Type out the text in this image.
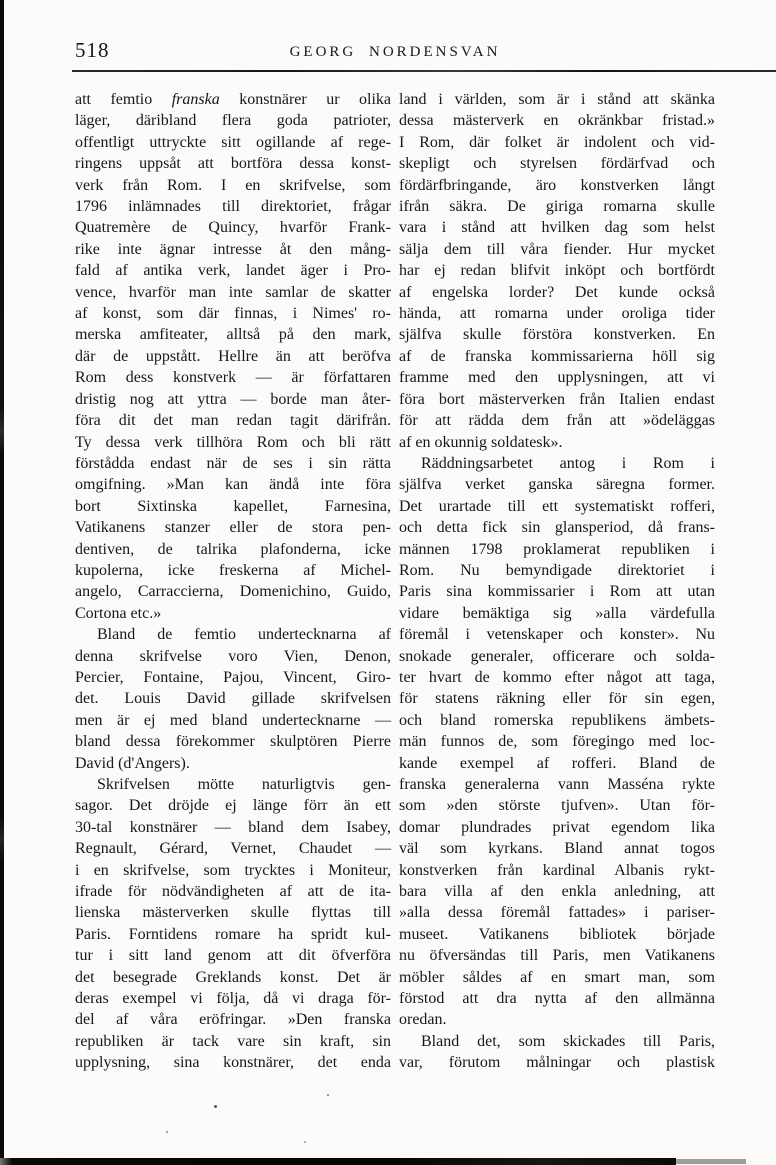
518	GEORG NORDENSVAN
att femtio franska konstnärer ur olika
läger, däribland flera goda patrioter,
offentligt uttryckte sitt ogillande af rege-
ringens uppsåt att bortföra dessa konst-
verk från Rom. I en skrifvelse, som
1796 inlämnades till direktoriet, frågar
Quatremère de Quincy, hvarför Frank-
rike inte ägnar intresse åt den mång-
fald af antika verk, landet äger i Pro-
vence, hvarför man inte samlar de skatter
af konst, som där finnas, i Nimes' ro-
merska amfiteater, alltså på den mark,
där de uppstått. Hellre än att beröfva
Rom dess konstverk — är författaren
dristig nog att yttra — borde man åter-
föra dit det man redan tagit därifrån.
Ty dessa verk tillhöra Rom och bli rätt
förstådda endast när de ses i sin rätta
omgifning. »Man kan ändå inte föra
bort Sixtinska kapellet, Farnesina,
Vatikanens stanzer eller de stora pen-
dentiven, de talrika plafonderna, icke
kupolerna, icke freskerna af Michel-
angelo, Carraccierna, Domenichino, Guido,
Cortona etc.»
Bland de femtio undertecknarna af
denna skrifvelse voro Vien, Denon,
Percier, Fontaine, Pajou, Vincent, Giro-
det. Louis David gillade skrifvelsen
men är ej med bland undertecknarne —
bland dessa förekommer skulptören Pierre
David (d'Angers).
Skrifvelsen mötte naturligtvis gen-
sagor. Det dröjde ej länge förr än ett
30-tal konstnärer — bland dem Isabey,
Regnault, Gérard, Vernet, Chaudet —
i en skrifvelse, som trycktes i Moniteur,
ifrade för nödvändigheten af att de ita-
lienska mästerverken skulle flyttas till
Paris. Forntidens romare ha spridt kul-
tur i sitt land genom att dit öfverföra
det besegrade Greklands konst. Det är
deras exempel vi följa, då vi draga för-
del af våra eröfringar. »Den franska
republiken är tack vare sin kraft, sin
upplysning, sina konstnärer, det enda
land i världen, som är i stånd att skänka
dessa mästerverk en okränkbar fristad.»
I Rom, där folket är indolent och vid-
skepligt och styrelsen fördärfvad och
fördärfbringande, äro konstverken långt
ifrån säkra. De giriga romarna skulle
vara i stånd att hvilken dag som helst
sälja dem till våra fiender. Hur mycket
har ej redan blifvit inköpt och bortfördt
af engelska lorder? Det kunde också
hända, att romarna under oroliga tider
själfva skulle förstöra konstverken. En
af de franska kommissarierna höll sig
framme med den upplysningen, att vi
föra bort mästerverken från Italien endast
för att rädda dem från att »ödeläggas
af en okunnig soldatesk».
Räddningsarbetet antog i Rom i
själfva verket ganska säregna former.
Det urartade till ett systematiskt rofferi,
och detta fick sin glansperiod, då frans-
männen 1798 proklamerat republiken i
Rom. Nu bemyndigade direktoriet i
Paris sina kommissarier i Rom att utan
vidare bemäktiga sig »alla värdefulla
föremål i vetenskaper och konster». Nu
snokade generaler, officerare och solda-
ter hvart de kommo efter något att taga,
för statens räkning eller för sin egen,
och bland romerska republikens ämbets-
män funnos de, som föregingo med loc-
kande exempel af rofferi. Bland de
franska generalerna vann Masséna rykte
som »den störste tjufven». Utan för-
domar plundrades privat egendom lika
väl som kyrkans. Bland annat togos
konstverken från kardinal Albanis rykt-
bara villa af den enkla anledning, att
»alla dessa föremål fattades» i pariser-
museet. Vatikanens bibliotek började
nu öfversändas till Paris, men Vatikanens
möbler såldes af en smart man, som
förstod att dra nytta af den allmänna
oredan.
Bland det, som skickades till Paris,
var, förutom målningar och plastisk
